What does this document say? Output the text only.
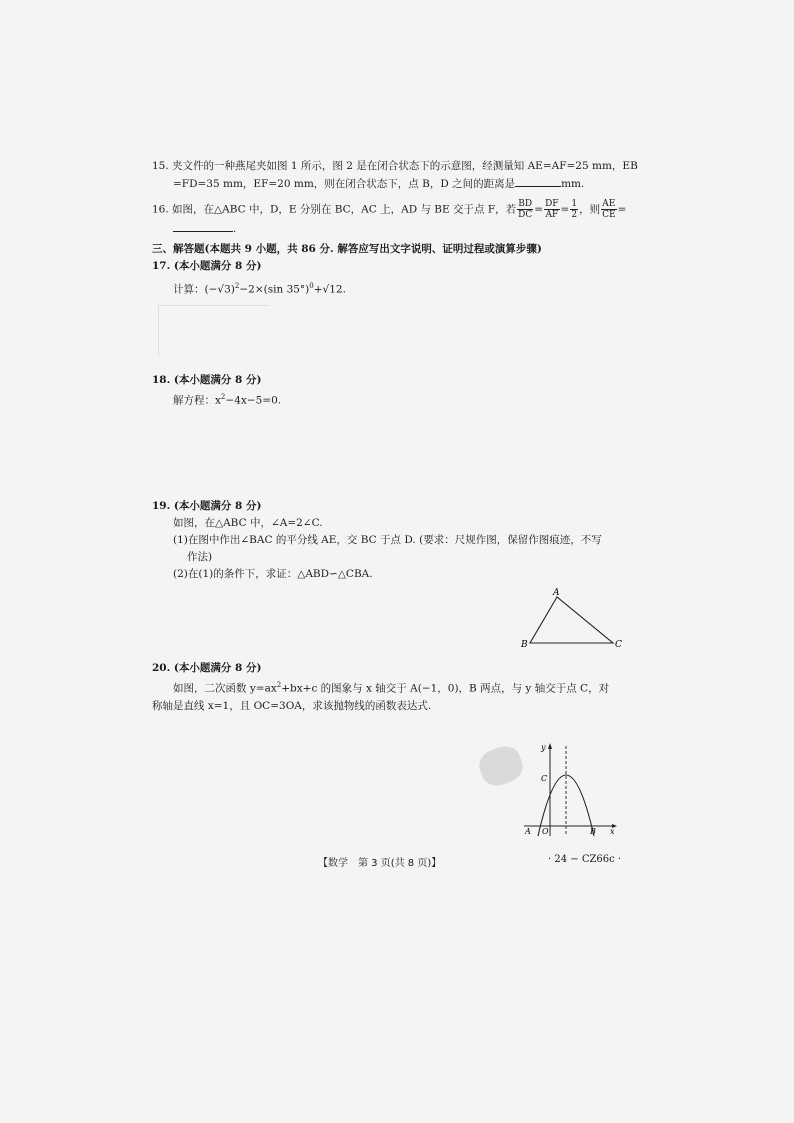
15. 夹文件的一种燕尾夹如图 1 所示，图 2 是在闭合状态下的示意图，经测量知 AE=AF=25 mm，EB
=FD=35 mm，EF=20 mm，则在闭合状态下，点 B，D 之间的距离是	mm.
16. 如图，在△ABC 中，D，E 分别在 BC，AC 上，AD 与 BE 交于点 F，若 $\frac{BD}{DC} = \frac{DF}{AF} = \frac{1}{2}$ ，则 $\frac{AE}{CE}$ =
.
三、解答题(本题共 9 小题，共 86 分. 解答应写出文字说明、证明过程或演算步骤)
17. (本小题满分 8 分)
计算：$(-√3)^2-2\times(\sin$ 35°)$^0$+√12.
18. (本小题满分 8 分)
解方程：$x^2-4x-5=0$.
19. (本小题满分 8 分)
如图，在△ABC 中，∠A=2∠C.
(1)在图中作出∠BAC 的平分线 AE，交 BC 于点 D. (要求：尺规作图，保留作图痕迹，不写
作法)
(2)在(1)的条件下，求证：△ABD∽△CBA.
20. (本小题满分 8 分)
如图，二次函数 $y=ax^2+bx+c$ 的图象与 x 轴交于 A(−1，0)，B 两点，与 y 轴交于点 C，对
称轴是直线 x=1，且 OC=3OA，求该抛物线的函数表达式.
A
B	C
y
x
C
A O	B
【数学　第 3 页(共 8 页)】	· 24 − CZ66c ·
